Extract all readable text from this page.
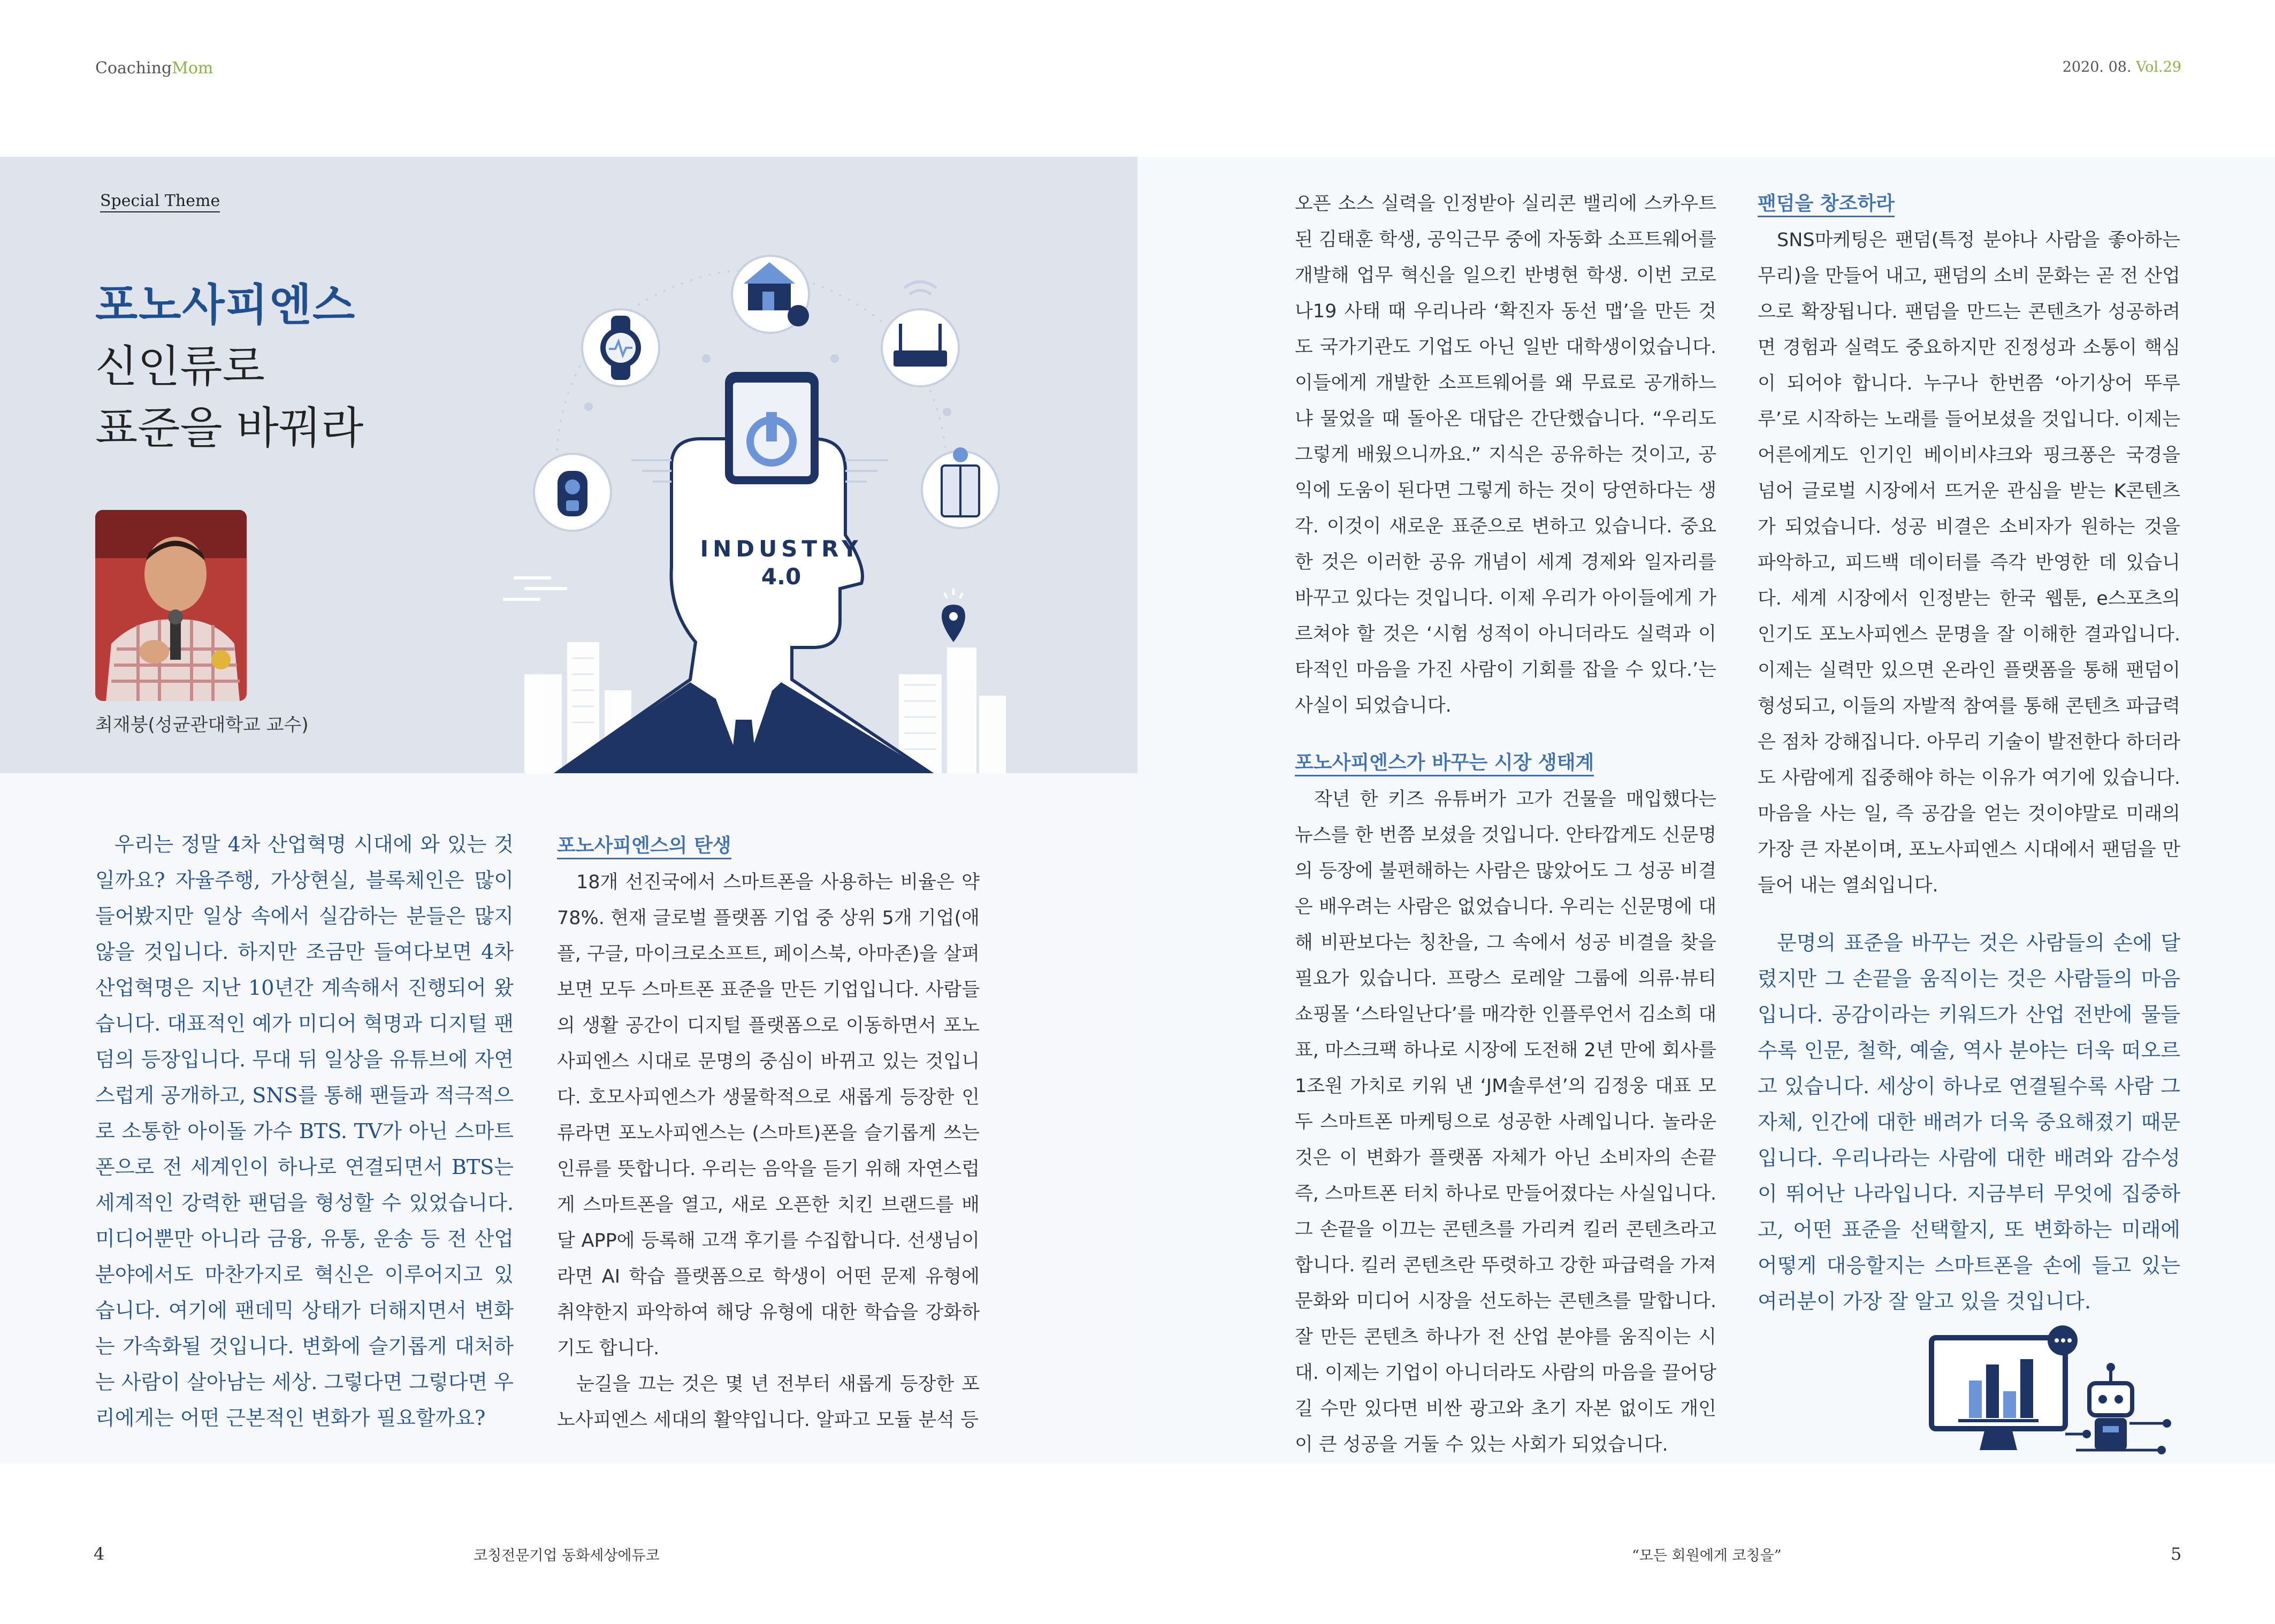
CoachingMom	2020. 08. Vol.29
Special Theme
포노사피엔스
신인류로
표준을 바꿔라
최재붕(성균관대학교 교수)
INDUSTRY
4.0

우리는 정말 4차 산업혁명 시대에 와 있는 것일까요? 자율주행, 가상현실, 블록체인은 많이 들어봤지만 일상 속에서 실감하는 분들은 많지 않을 것입니다. 하지만 조금만 들여다보면 4차 산업혁명은 지난 10년간 계속해서 진행되어 왔습니다. 대표적인 예가 미디어 혁명과 디지털 팬덤의 등장입니다. 무대 뒤 일상을 유튜브에 자연스럽게 공개하고, SNS를 통해 팬들과 적극적으로 소통한 아이돌 가수 BTS. TV가 아닌 스마트폰으로 전 세계인이 하나로 연결되면서 BTS는 세계적인 강력한 팬덤을 형성할 수 있었습니다. 미디어뿐만 아니라 금융, 유통, 운송 등 전 산업 분야에서도 마찬가지로 혁신은 이루어지고 있습니다. 여기에 팬데믹 상태가 더해지면서 변화는 가속화될 것입니다. 변화에 슬기롭게 대처하는 사람이 살아남는 세상. 그렇다면 그렇다면 우리에게는 어떤 근본적인 변화가 필요할까요?

포노사피엔스의 탄생

18개 선진국에서 스마트폰을 사용하는 비율은 약 78%. 현재 글로벌 플랫폼 기업 중 상위 5개 기업(애플, 구글, 마이크로소프트, 페이스북, 아마존)을 살펴보면 모두 스마트폰 표준을 만든 기업입니다. 사람들의 생활 공간이 디지털 플랫폼으로 이동하면서 포노사피엔스 시대로 문명의 중심이 바뀌고 있는 것입니다. 호모사피엔스가 생물학적으로 새롭게 등장한 인류라면 포노사피엔스는 (스마트)폰을 슬기롭게 쓰는 인류를 뜻합니다. 우리는 음악을 듣기 위해 자연스럽게 스마트폰을 열고, 새로 오픈한 치킨 브랜드를 배달 APP에 등록해 고객 후기를 수집합니다. 선생님이라면 AI 학습 플랫폼으로 학생이 어떤 문제 유형에 취약한지 파악하여 해당 유형에 대한 학습을 강화하기도 합니다.

눈길을 끄는 것은 몇 년 전부터 새롭게 등장한 포노사피엔스 세대의 활약입니다. 알파고 모듈 분석 등

오픈 소스 실력을 인정받아 실리콘 밸리에 스카우트된 김태훈 학생, 공익근무 중에 자동화 소프트웨어를 개발해 업무 혁신을 일으킨 반병현 학생. 이번 코로나19 사태 때 우리나라 ‘확진자 동선 맵’을 만든 것도 국가기관도 기업도 아닌 일반 대학생이었습니다. 이들에게 개발한 소프트웨어를 왜 무료로 공개하느냐 물었을 때 돌아온 대답은 간단했습니다. “우리도 그렇게 배웠으니까요.” 지식은 공유하는 것이고, 공익에 도움이 된다면 그렇게 하는 것이 당연하다는 생각. 이것이 새로운 표준으로 변하고 있습니다. 중요한 것은 이러한 공유 개념이 세계 경제와 일자리를 바꾸고 있다는 것입니다. 이제 우리가 아이들에게 가르쳐야 할 것은 ‘시험 성적이 아니더라도 실력과 이타적인 마음을 가진 사람이 기회를 잡을 수 있다.’는 사실이 되었습니다.

포노사피엔스가 바꾸는 시장 생태계

작년 한 키즈 유튜버가 고가 건물을 매입했다는 뉴스를 한 번쯤 보셨을 것입니다. 안타깝게도 신문명의 등장에 불편해하는 사람은 많았어도 그 성공 비결은 배우려는 사람은 없었습니다. 우리는 신문명에 대해 비판보다는 칭찬을, 그 속에서 성공 비결을 찾을 필요가 있습니다. 프랑스 로레알 그룹에 의류·뷰티 쇼핑몰 ‘스타일난다’를 매각한 인플루언서 김소희 대표, 마스크팩 하나로 시장에 도전해 2년 만에 회사를 1조원 가치로 키워 낸 ‘JM솔루션’의 김정웅 대표 모두 스마트폰 마케팅으로 성공한 사례입니다. 놀라운 것은 이 변화가 플랫폼 자체가 아닌 소비자의 손끝 즉, 스마트폰 터치 하나로 만들어졌다는 사실입니다. 그 손끝을 이끄는 콘텐츠를 가리켜 킬러 콘텐츠라고 합니다. 킬러 콘텐츠란 뚜렷하고 강한 파급력을 가져 문화와 미디어 시장을 선도하는 콘텐츠를 말합니다. 잘 만든 콘텐츠 하나가 전 산업 분야를 움직이는 시대. 이제는 기업이 아니더라도 사람의 마음을 끌어당길 수만 있다면 비싼 광고와 초기 자본 없이도 개인이 큰 성공을 거둘 수 있는 사회가 되었습니다.

팬덤을 창조하라

SNS마케팅은 팬덤(특정 분야나 사람을 좋아하는 무리)을 만들어 내고, 팬덤의 소비 문화는 곧 전 산업으로 확장됩니다. 팬덤을 만드는 콘텐츠가 성공하려면 경험과 실력도 중요하지만 진정성과 소통이 핵심이 되어야 합니다. 누구나 한번쯤 ‘아기상어 뚜루루’로 시작하는 노래를 들어보셨을 것입니다. 이제는 어른에게도 인기인 베이비샤크와 핑크퐁은 국경을 넘어 글로벌 시장에서 뜨거운 관심을 받는 K콘텐츠가 되었습니다. 성공 비결은 소비자가 원하는 것을 파악하고, 피드백 데이터를 즉각 반영한 데 있습니다. 세계 시장에서 인정받는 한국 웹툰, e스포츠의 인기도 포노사피엔스 문명을 잘 이해한 결과입니다. 이제는 실력만 있으면 온라인 플랫폼을 통해 팬덤이 형성되고, 이들의 자발적 참여를 통해 콘텐츠 파급력은 점차 강해집니다. 아무리 기술이 발전한다 하더라도 사람에게 집중해야 하는 이유가 여기에 있습니다. 마음을 사는 일, 즉 공감을 얻는 것이야말로 미래의 가장 큰 자본이며, 포노사피엔스 시대에서 팬덤을 만들어 내는 열쇠입니다.

문명의 표준을 바꾸는 것은 사람들의 손에 달렸지만 그 손끝을 움직이는 것은 사람들의 마음입니다. 공감이라는 키워드가 산업 전반에 물들수록 인문, 철학, 예술, 역사 분야는 더욱 떠오르고 있습니다. 세상이 하나로 연결될수록 사람 그 자체, 인간에 대한 배려가 더욱 중요해졌기 때문입니다. 우리나라는 사람에 대한 배려와 감수성이 뛰어난 나라입니다. 지금부터 무엇에 집중하고, 어떤 표준을 선택할지, 또 변화하는 미래에 어떻게 대응할지는 스마트폰을 손에 들고 있는 여러분이 가장 잘 알고 있을 것입니다.

4	코칭전문기업 동화세상에듀코	“모든 회원에게 코칭을”	5
